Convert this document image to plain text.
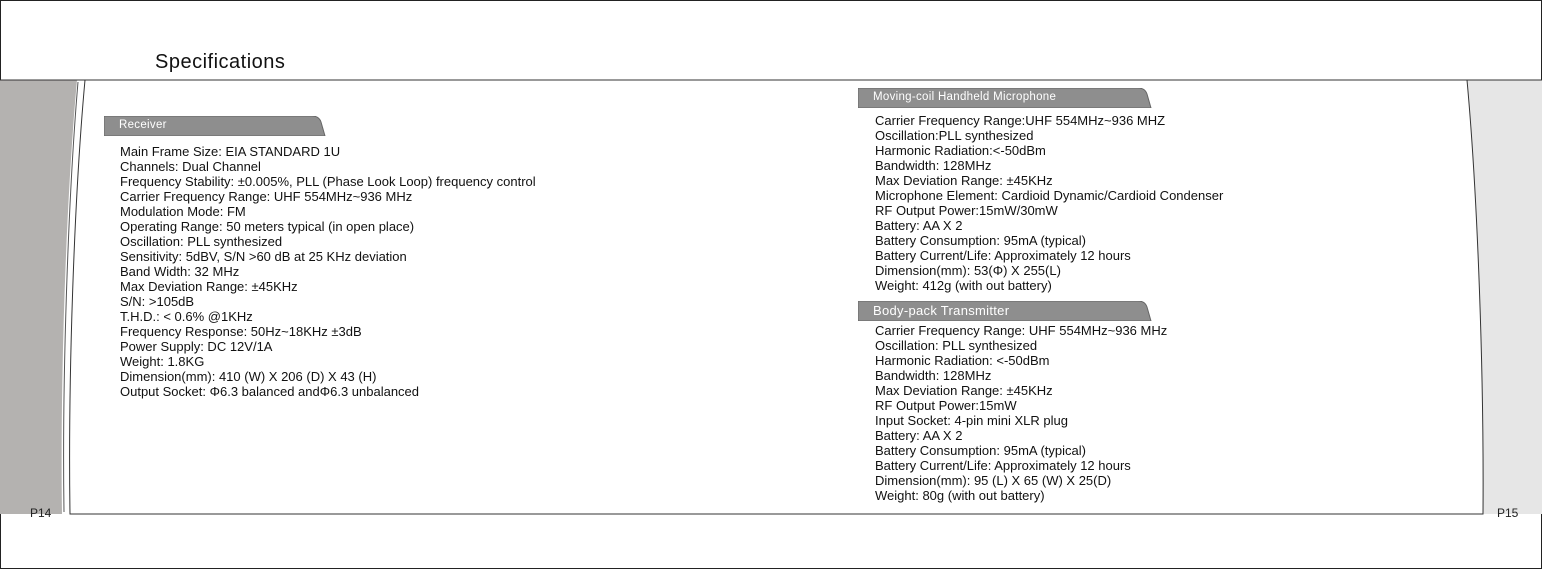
Specifications
Receiver
Main Frame Size: EIA STANDARD 1U
Channels: Dual Channel
Frequency Stability: ±0.005%, PLL (Phase Look Loop) frequency control
Carrier Frequency Range: UHF 554MHz~936 MHz
Modulation Mode: FM
Operating Range: 50 meters typical (in open place)
Oscillation: PLL synthesized
Sensitivity: 5dBV, S/N >60 dB at 25 KHz deviation
Band Width: 32 MHz
Max Deviation Range: ±45KHz
S/N: >105dB
T.H.D.: < 0.6% @1KHz
Frequency Response: 50Hz~18KHz ±3dB
Power Supply: DC 12V/1A
Weight: 1.8KG
Dimension(mm): 410 (W) X 206 (D) X 43 (H)
Output Socket: Φ6.3 balanced andΦ6.3 unbalanced
Moving-coil Handheld Microphone
Carrier Frequency Range:UHF 554MHz~936 MHZ
Oscillation:PLL synthesized
Harmonic Radiation:<-50dBm
Bandwidth: 128MHz
Max Deviation Range: ±45KHz
Microphone Element: Cardioid Dynamic/Cardioid Condenser
RF Output Power:15mW/30mW
Battery: AA X 2
Battery Consumption: 95mA (typical)
Battery Current/Life: Approximately 12 hours
Dimension(mm): 53(Φ) X 255(L)
Weight: 412g (with out battery)
Body-pack Transmitter
Carrier Frequency Range: UHF 554MHz~936 MHz
Oscillation: PLL synthesized
Harmonic Radiation: <-50dBm
Bandwidth: 128MHz
Max Deviation Range: ±45KHz
RF Output Power:15mW
Input Socket: 4-pin mini XLR plug
Battery: AA X 2
Battery Consumption: 95mA (typical)
Battery Current/Life: Approximately 12 hours
Dimension(mm): 95 (L) X 65 (W) X 25(D)
Weight: 80g (with out battery)
P14	P15
